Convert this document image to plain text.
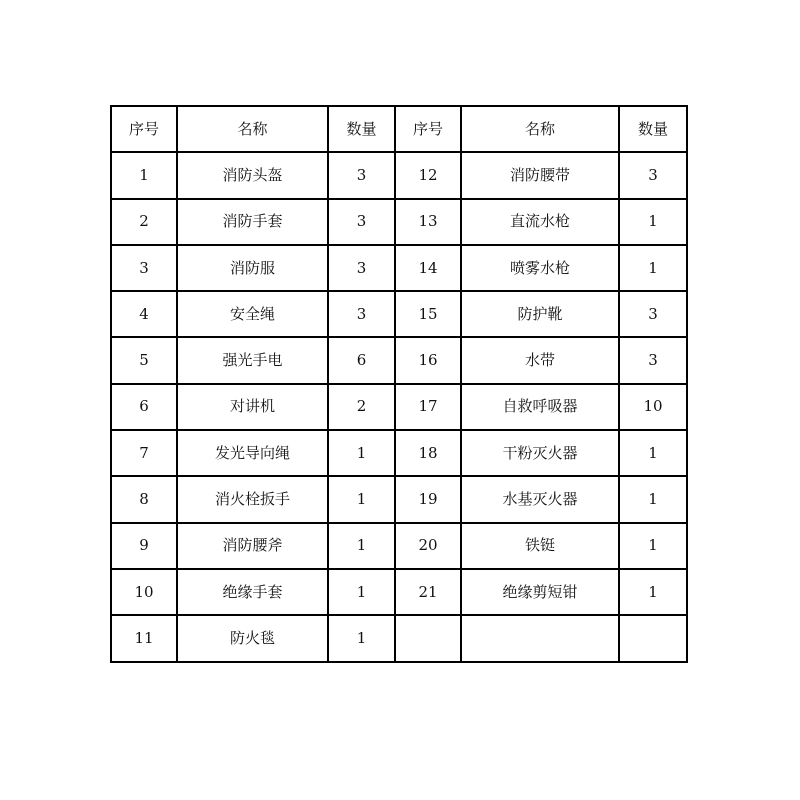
序号	名称	数量	序号	名称	数量
1	消防头盔	3	12	消防腰带	3
2	消防手套	3	13	直流水枪	1
3	消防服	3	14	喷雾水枪	1
4	安全绳	3	15	防护靴	3
5	强光手电	6	16	水带	3
6	对讲机	2	17	自救呼吸器	10
7	发光导向绳	1	18	干粉灭火器	1
8	消火栓扳手	1	19	水基灭火器	1
9	消防腰斧	1	20	铁铤	1
10	绝缘手套	1	21	绝缘剪短钳	1
11	防火毯	1			
